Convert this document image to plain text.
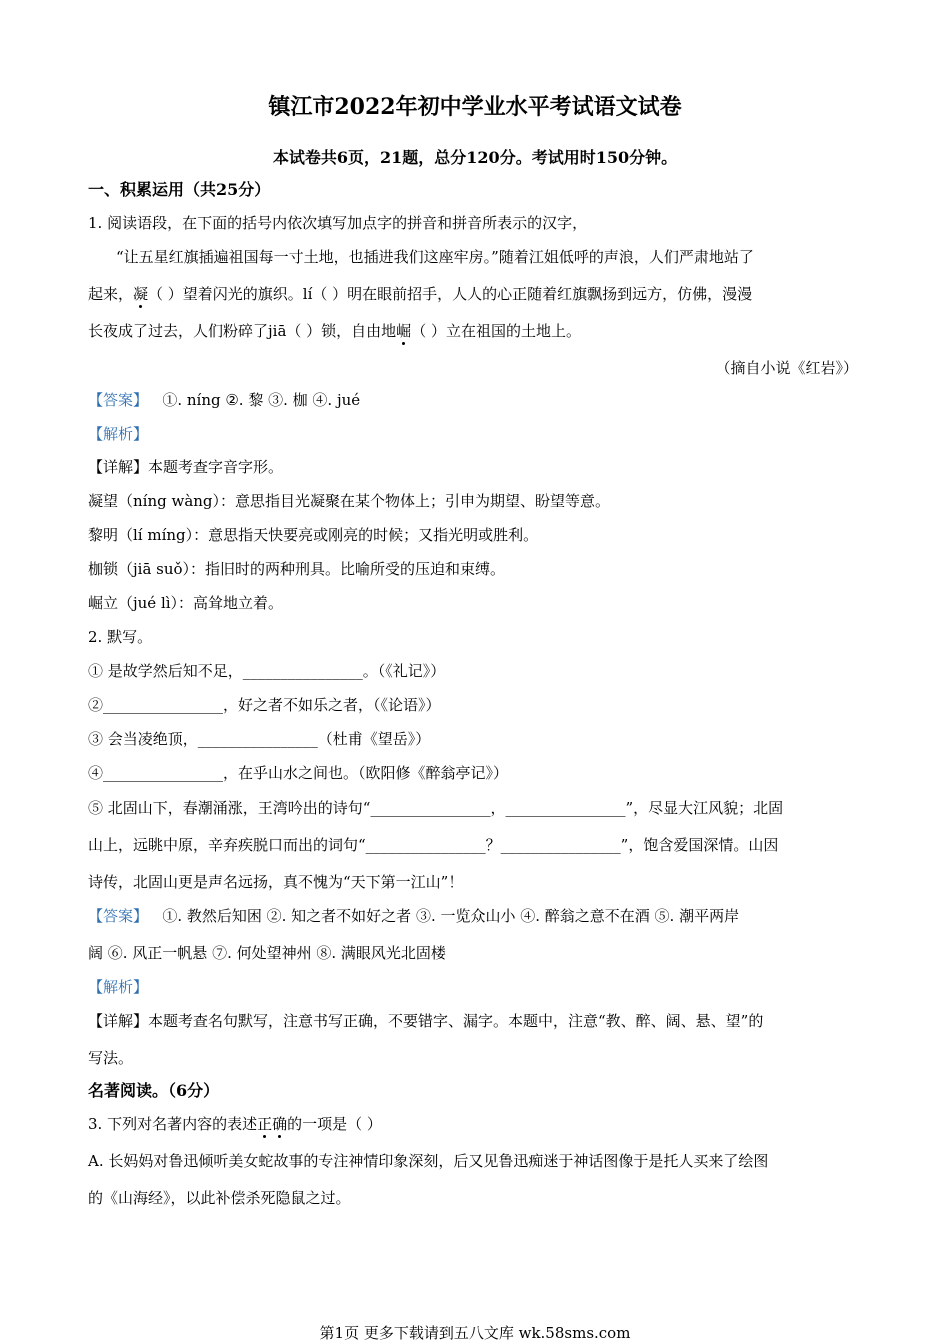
镇江市2022年初中学业水平考试语文试卷
本试卷共6页，21题，总分120分。考试用时150分钟。
一、积累运用（共25分）
1. 阅读语段，在下面的括号内依次填写加点字的拼音和拼音所表示的汉字，
“让五星红旗插遍祖国每一寸土地，也插进我们这座牢房。”随着江姐低呼的声浪，人们严肃地站了
起来，凝（ ）望着闪光的旗织。lí（ ）明在眼前招手，人人的心正随着红旗飘扬到远方，仿佛，漫漫
长夜成了过去，人们粉碎了jiā（ ）锁，自由地崛（ ）立在祖国的土地上。
（摘自小说《红岩》）
【答案】 ①. níng ②. 黎 ③. 枷 ④. jué
【解析】
【详解】本题考查字音字形。
凝望（níng wàng）：意思指目光凝聚在某个物体上；引申为期望、盼望等意。
黎明（lí míng）：意思指天快要亮或刚亮的时候；又指光明或胜利。
枷锁（jiā suǒ）：指旧时的两种刑具。比喻所受的压迫和束缚。
崛立（jué lì）：高耸地立着。
2. 默写。
① 是故学然后知不足，________________。（《礼记》）
②________________，好之者不如乐之者，（《论语》）
③ 会当凌绝顶，________________（杜甫《望岳》）
④________________，在乎山水之间也。（欧阳修《醉翁亭记》）
⑤ 北固山下，春潮涌涨，王湾吟出的诗句“________________，________________”，尽显大江风貌；北固
山上，远眺中原，辛弃疾脱口而出的词句“________________？________________”，饱含爱国深情。山因
诗传，北固山更是声名远扬，真不愧为“天下第一江山”！
【答案】 ①. 教然后知困 ②. 知之者不如好之者 ③. 一览众山小 ④. 醉翁之意不在酒 ⑤. 潮平两岸
阔 ⑥. 风正一帆悬 ⑦. 何处望神州 ⑧. 满眼风光北固楼
【解析】
【详解】本题考查名句默写，注意书写正确，不要错字、漏字。本题中，注意“教、醉、阔、悬、望”的
写法。
名著阅读。（6分）
3. 下列对名著内容的表述正确的一项是（ ）
A. 长妈妈对鲁迅倾听美女蛇故事的专注神情印象深刻，后又见鲁迅痴迷于神话图像于是托人买来了绘图
的《山海经》，以此补偿杀死隐鼠之过。
第1页 更多下载请到五八文库 wk.58sms.com
